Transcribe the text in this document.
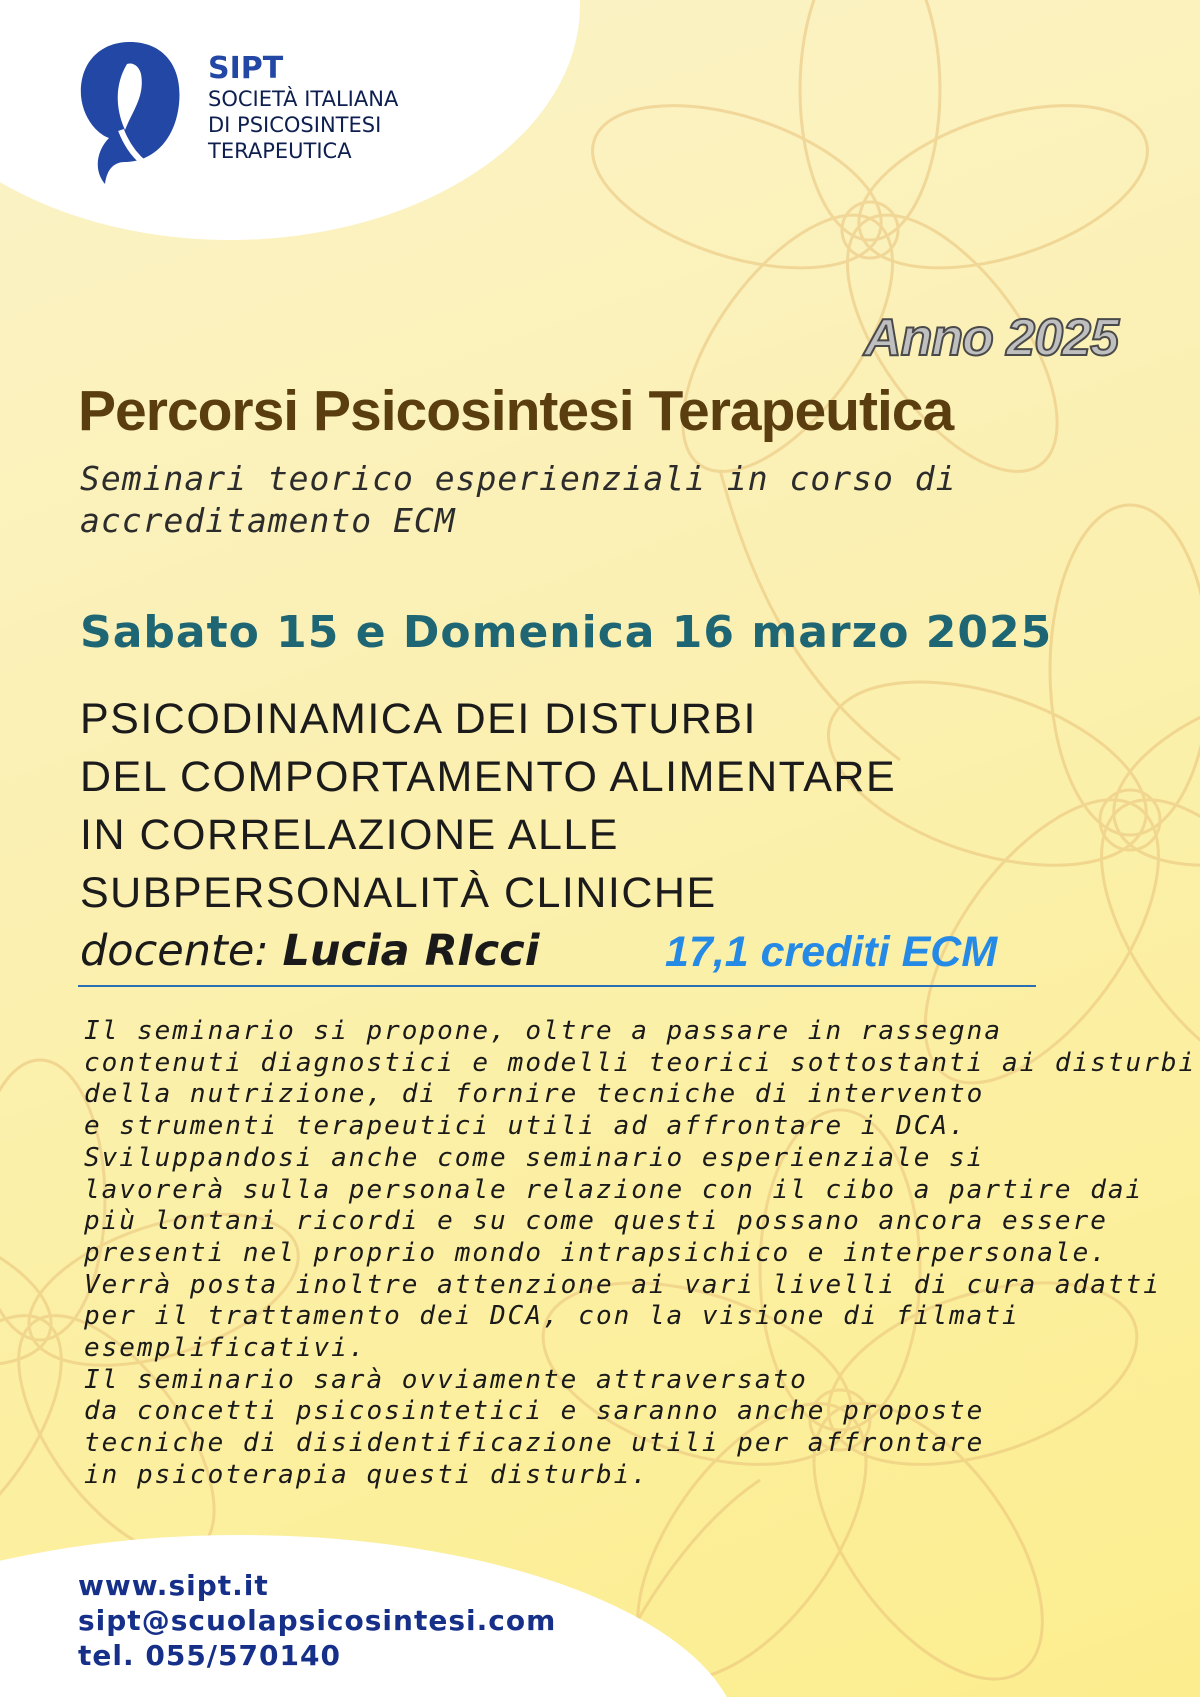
SIPT
SOCIETÀ ITALIANA
DI PSICOSINTESI
TERAPEUTICA
Anno 2025
Percorsi Psicosintesi Terapeutica
Seminari teorico esperienziali in corso di
accreditamento ECM
Sabato 15 e Domenica 16 marzo 2025
PSICODINAMICA DEI DISTURBI
DEL COMPORTAMENTO ALIMENTARE
IN CORRELAZIONE ALLE
SUBPERSONALITÀ CLINICHE
docente: Lucia RIcci	17,1 crediti ECM
Il seminario si propone, oltre a passare in rassegna
contenuti diagnostici e modelli teorici sottostanti ai disturbi
della nutrizione, di fornire tecniche di intervento
e strumenti terapeutici utili ad affrontare i DCA.
Sviluppandosi anche come seminario esperienziale si
lavorerà sulla personale relazione con il cibo a partire dai
più lontani ricordi e su come questi possano ancora essere
presenti nel proprio mondo intrapsichico e interpersonale.
Verrà posta inoltre attenzione ai vari livelli di cura adatti
per il trattamento dei DCA, con la visione di filmati
esemplificativi.
Il seminario sarà ovviamente attraversato
da concetti psicosintetici e saranno anche proposte
tecniche di disidentificazione utili per affrontare
in psicoterapia questi disturbi.
www.sipt.it
sipt@scuolapsicosintesi.com
tel. 055/570140
